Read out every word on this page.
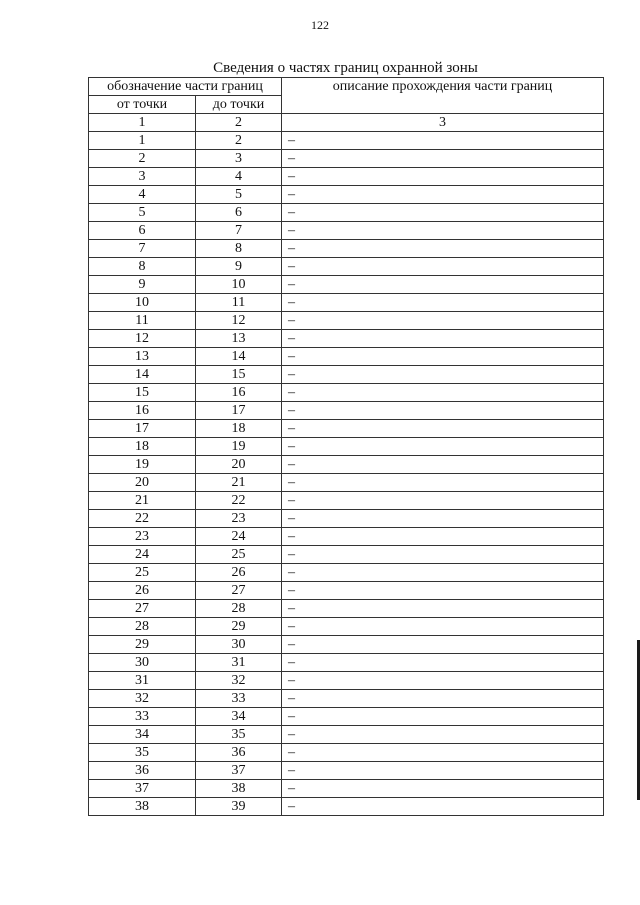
122
Сведения о частях границ охранной зоны
обозначение части границ		описание прохождения части границ
от точки	до точки	
1	2	3
1	2	–
2	3	–
3	4	–
4	5	–
5	6	–
6	7	–
7	8	–
8	9	–
9	10	–
10	11	–
11	12	–
12	13	–
13	14	–
14	15	–
15	16	–
16	17	–
17	18	–
18	19	–
19	20	–
20	21	–
21	22	–
22	23	–
23	24	–
24	25	–
25	26	–
26	27	–
27	28	–
28	29	–
29	30	–
30	31	–
31	32	–
32	33	–
33	34	–
34	35	–
35	36	–
36	37	–
37	38	–
38	39	–
